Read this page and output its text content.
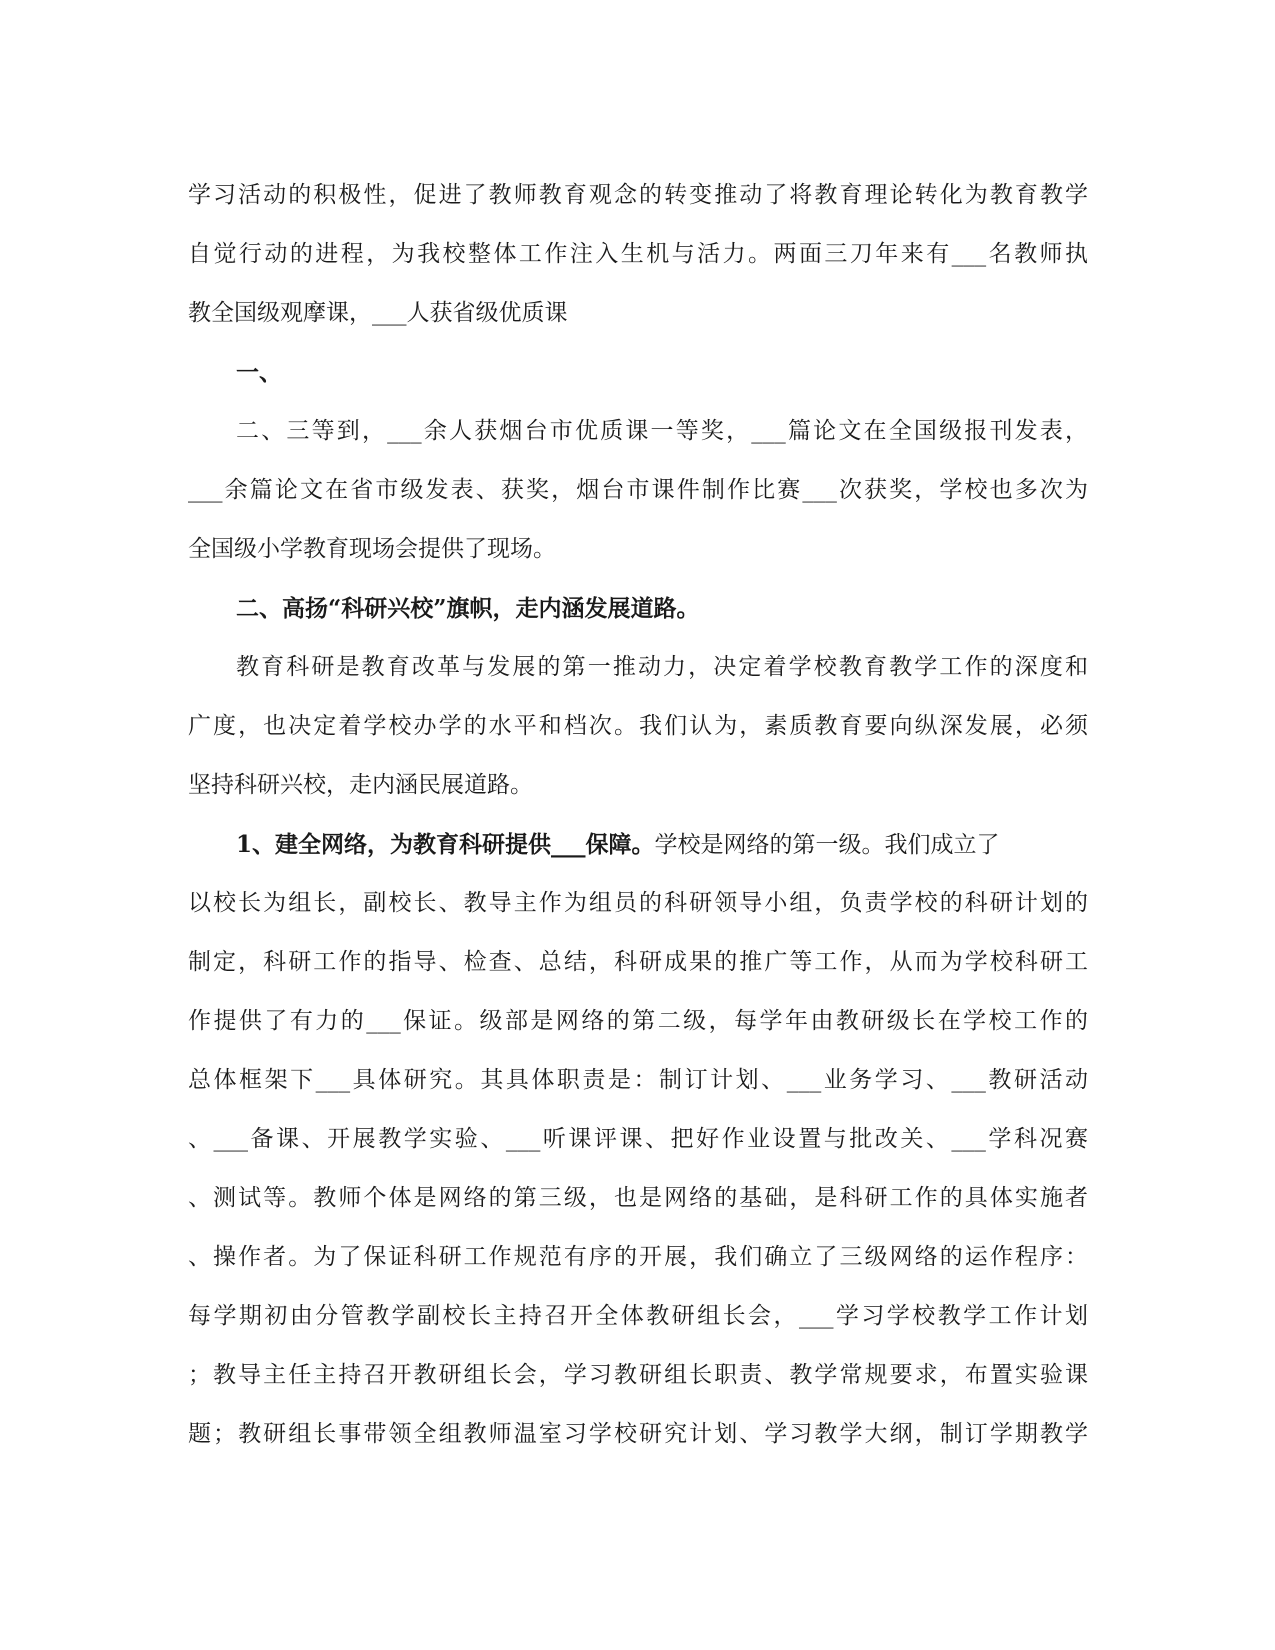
学习活动的积极性，促进了教师教育观念的转变推动了将教育理论转化为教育教学
自觉行动的进程，为我校整体工作注入生机与活力。两面三刀年来有___名教师执
教全国级观摩课，___人获省级优质课
一、
二、三等到，___余人获烟台市优质课一等奖，___篇论文在全国级报刊发表，
___余篇论文在省市级发表、获奖，烟台市课件制作比赛___次获奖，学校也多次为
全国级小学教育现场会提供了现场。
二、高扬“科研兴校”旗帜，走内涵发展道路。
教育科研是教育改革与发展的第一推动力，决定着学校教育教学工作的深度和
广度，也决定着学校办学的水平和档次。我们认为，素质教育要向纵深发展，必须
坚持科研兴校，走内涵民展道路。
1、建全网络，为教育科研提供___保障。学校是网络的第一级。我们成立了
以校长为组长，副校长、教导主作为组员的科研领导小组，负责学校的科研计划的
制定，科研工作的指导、检查、总结，科研成果的推广等工作，从而为学校科研工
作提供了有力的___保证。级部是网络的第二级，每学年由教研级长在学校工作的
总体框架下___具体研究。其具体职责是：制订计划、___业务学习、___教研活动
、___备课、开展教学实验、___听课评课、把好作业设置与批改关、___学科况赛
、测试等。教师个体是网络的第三级，也是网络的基础，是科研工作的具体实施者
、操作者。为了保证科研工作规范有序的开展，我们确立了三级网络的运作程序：
每学期初由分管教学副校长主持召开全体教研组长会，___学习学校教学工作计划
；教导主任主持召开教研组长会，学习教研组长职责、教学常规要求，布置实验课
题；教研组长事带领全组教师温室习学校研究计划、学习教学大纲，制订学期教学
